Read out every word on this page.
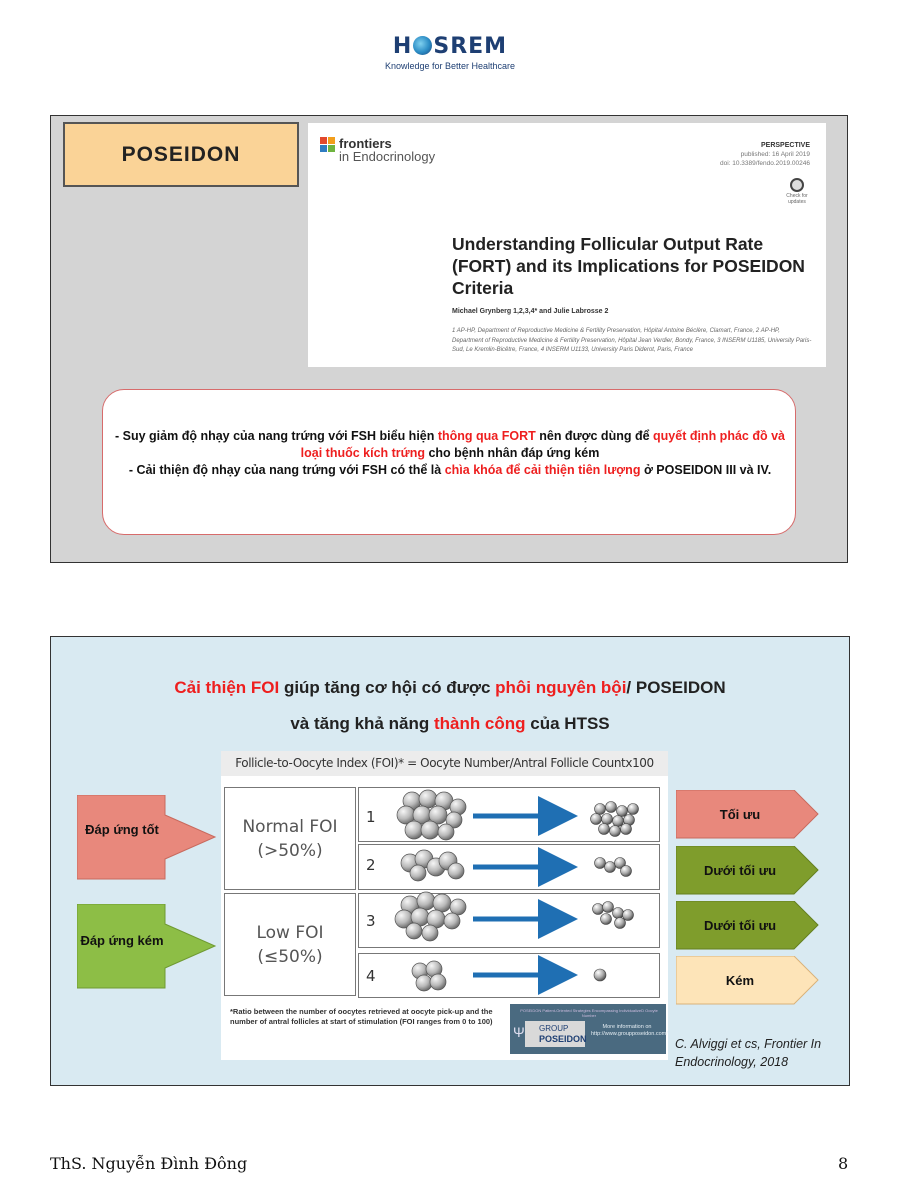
H SREM
Knowledge for Better Healthcare
POSEIDON	frontiers
in Endocrinology
PERSPECTIVE
published: 16 April 2019
doi: 10.3389/fendo.2019.00246
Check for updates
Understanding Follicular Output Rate (FORT) and its Implications for POSEIDON Criteria
Michael Grynberg 1,2,3,4* and Julie Labrosse 2
1 AP-HP, Department of Reproductive Medicine & Fertility Preservation, Hôpital Antoine Béclère, Clamart, France, 2 AP-HP, Department of Reproductive Medicine & Fertility Preservation, Hôpital Jean Verdier, Bondy, France, 3 INSERM U1185, University Paris-Sud, Le Kremlin-Bicêtre, France, 4 INSERM U1133, University Paris Diderot, Paris, France
- Suy giảm độ nhạy của nang trứng với FSH biểu hiện thông qua FORT nên được dùng để quyết định phác đồ và loại thuốc kích trứng cho bệnh nhân đáp ứng kém
- Cải thiện độ nhạy của nang trứng với FSH có thể là chìa khóa để cải thiện tiên lượng ở POSEIDON III và IV.
Cải thiện FOI giúp tăng cơ hội có được phôi nguyên bội/ POSEIDON
và tăng khả năng thành công của HTSS
Đáp ứng tốt
Đáp ứng kém
Follicle-to-Oocyte Index (FOI)* = Oocyte Number/Antral Follicle Countx100
Normal FOI
(>50%)
Low FOI
(≤50%)
1
2
3
4
*Ratio between the number of oocytes retrieved at oocyte pick-up and the number of antral follicles at start of stimulation (FOI ranges from 0 to 100)
POSEIDON Patient-Oriented Strategies Encompassing IndividualizeD Oocyte Number
Ψ	GROUP
POSEIDON
More information on http://www.groupposeidon.com/
Tối ưu
Dưới tối ưu
Dưới tối ưu
Kém
C. Alviggi et cs, Frontier In Endocrinology, 2018
ThS. Nguyễn Đình Đông	8
